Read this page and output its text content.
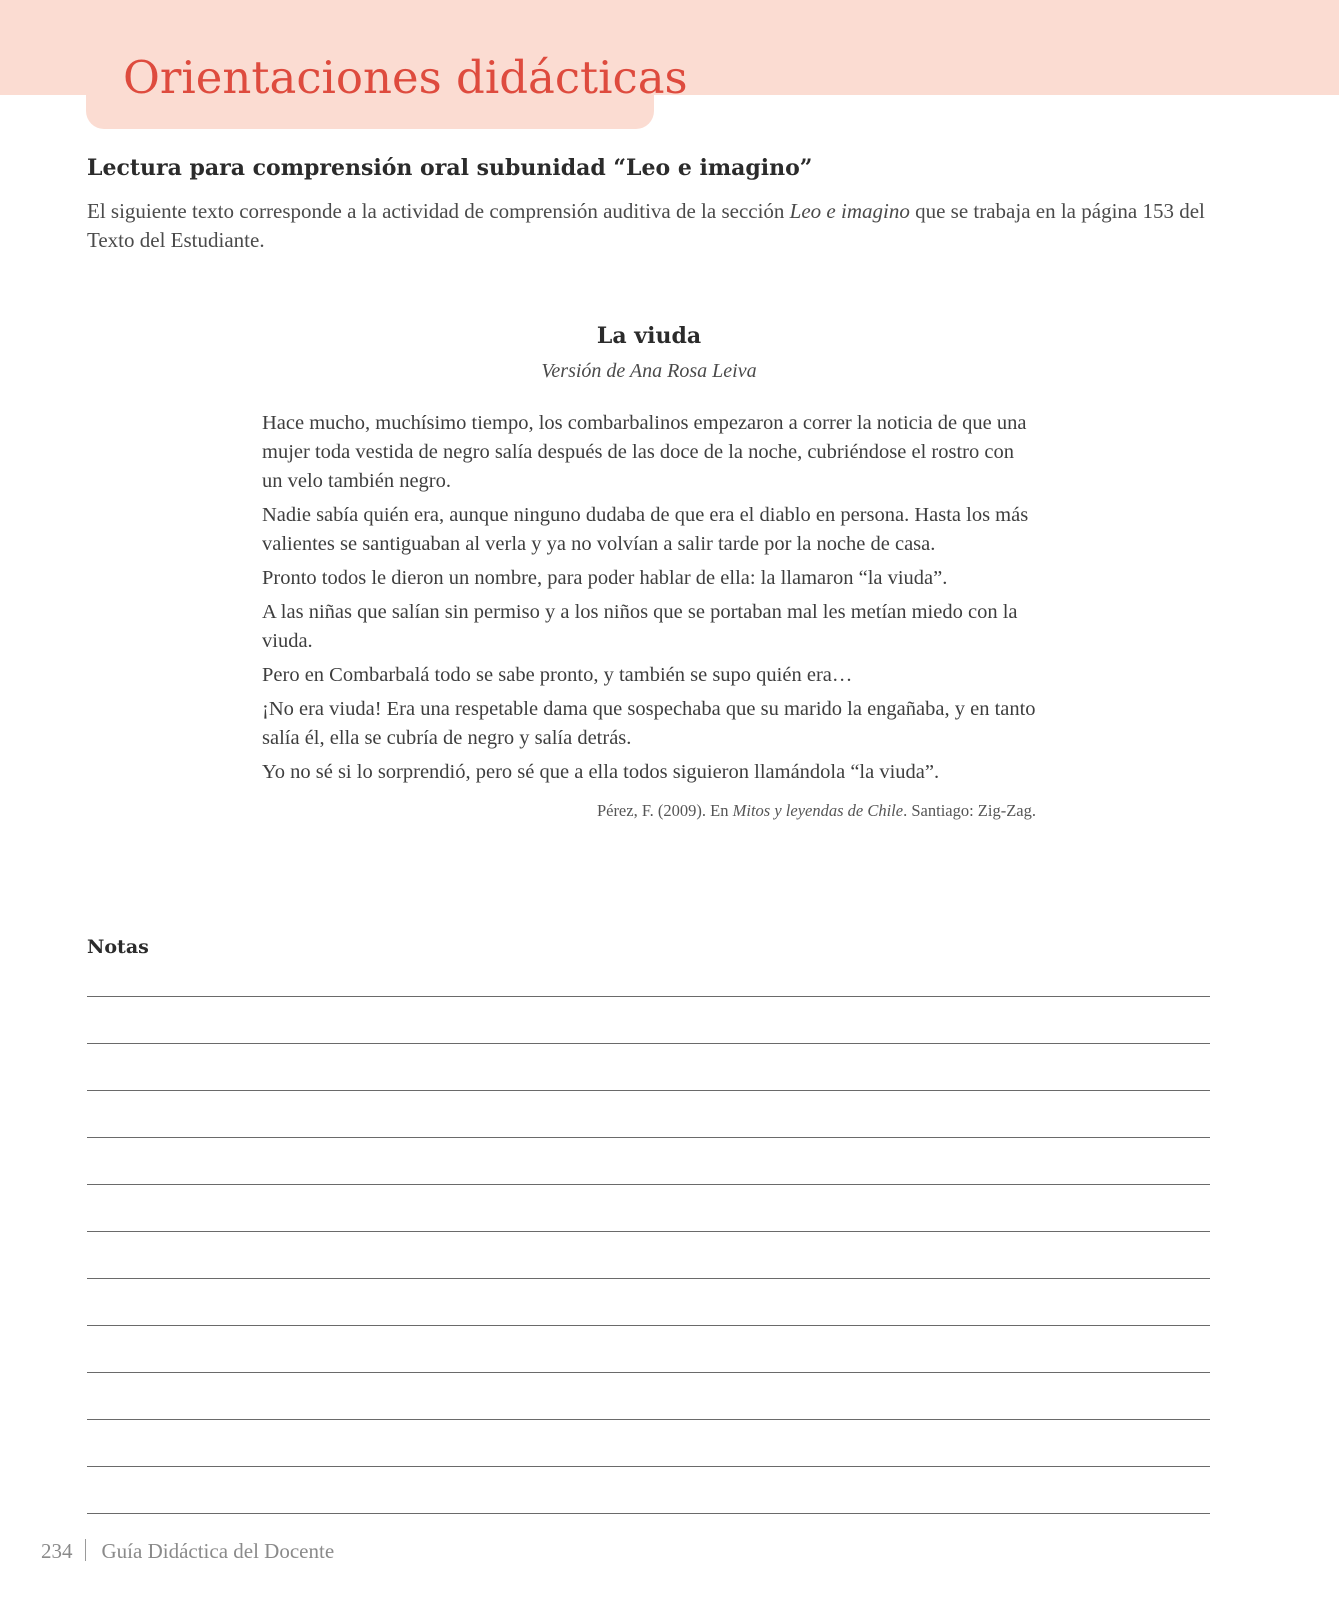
Orientaciones didácticas
Lectura para comprensión oral subunidad “Leo e imagino”

El siguiente texto corresponde a la actividad de comprensión auditiva de la sección Leo e imagino que se trabaja en la página 153 del Texto del Estudiante.

La viuda

Versión de Ana Rosa Leiva

Hace mucho, muchísimo tiempo, los combarbalinos empezaron a correr la noticia de que una mujer toda vestida de negro salía después de las doce de la noche, cubriéndose el rostro con un velo también negro.

Nadie sabía quién era, aunque ninguno dudaba de que era el diablo en persona. Hasta los más valientes se santiguaban al verla y ya no volvían a salir tarde por la noche de casa.

Pronto todos le dieron un nombre, para poder hablar de ella: la llamaron “la viuda”.

A las niñas que salían sin permiso y a los niños que se portaban mal les metían miedo con la viuda.

Pero en Combarbalá todo se sabe pronto, y también se supo quién era…

¡No era viuda! Era una respetable dama que sospechaba que su marido la engañaba, y en tanto salía él, ella se cubría de negro y salía detrás.

Yo no sé si lo sorprendió, pero sé que a ella todos siguieron llamándola “la viuda”.

Pérez, F. (2009). En Mitos y leyendas de Chile. Santiago: Zig-Zag.

Notas
234 Guía Didáctica del Docente
